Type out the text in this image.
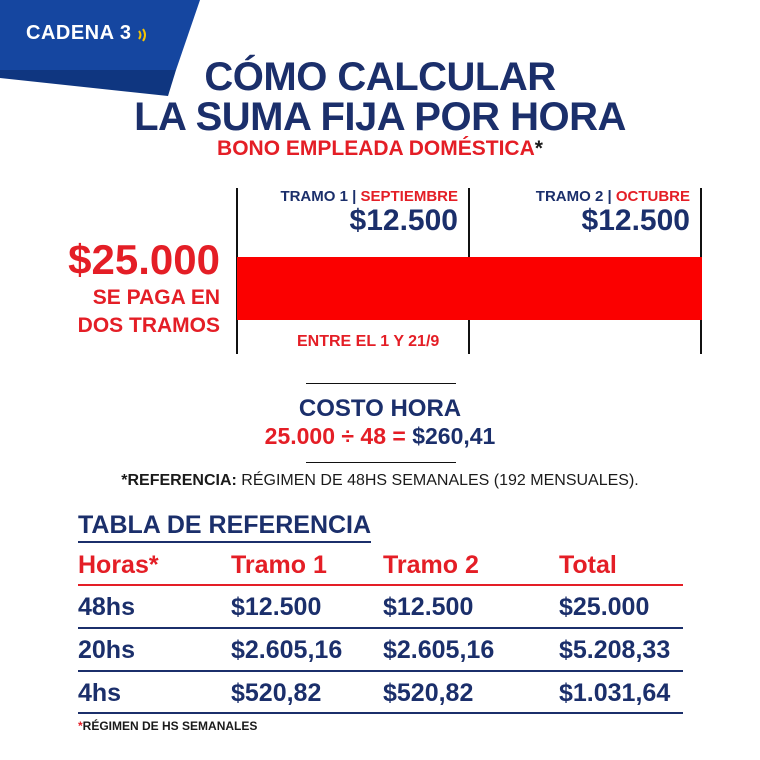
CADENA 3
CÓMO CALCULAR
LA SUMA FIJA POR HORA
BONO EMPLEADA DOMÉSTICA*
TRAMO 1 | SEPTIEMBRE
$12.500
TRAMO 2 | OCTUBRE
$12.500
$25.000
SE PAGA EN
DOS TRAMOS
ENTRE EL 1 Y 21/9
COSTO HORA
25.000 ÷ 48 = $260,41
*REFERENCIA: RÉGIMEN DE 48HS SEMANALES (192 MENSUALES).
TABLA DE REFERENCIA
Horas*	Tramo 1 Tramo 2	Total
48hs	$12.500 $12.500	$25.000
20hs	$2.605,16 $2.605,16	$5.208,33
4hs	$520,82 $520,82	$1.031,64
*RÉGIMEN DE HS SEMANALES
